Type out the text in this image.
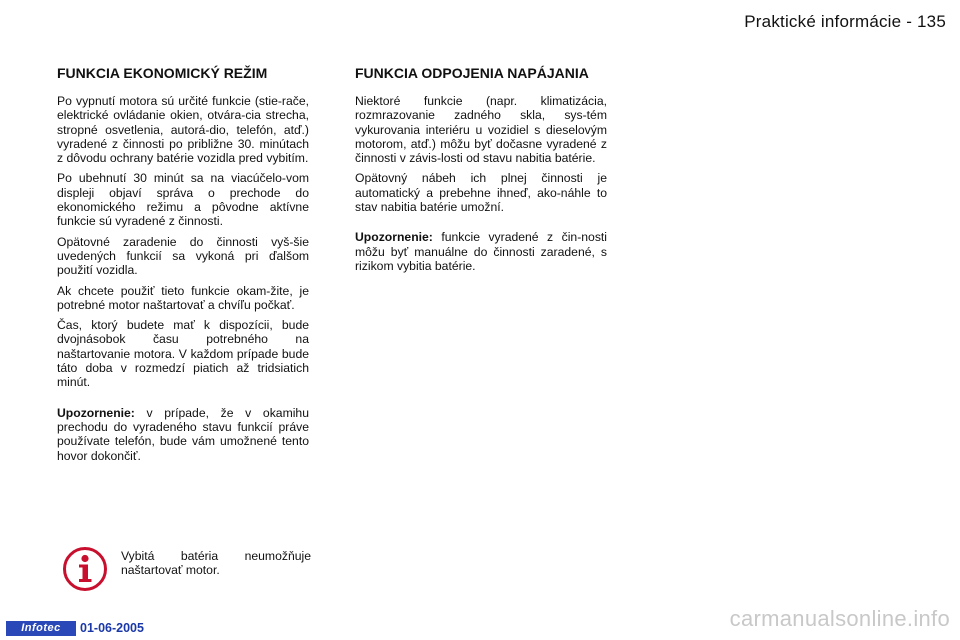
Praktické informácie - 135
FUNKCIA EKONOMICKÝ REŽIM

Po vypnutí motora sú určité funkcie (stie-rače, elektrické ovládanie okien, otvára-cia strecha, stropné osvetlenia, autorá-dio, telefón, atď.) vyradené z činnosti po približne 30. minútach z dôvodu ochrany batérie vozidla pred vybitím.

Po ubehnutí 30 minút sa na viacúčelo-vom displeji objaví správa o prechode do ekonomického režimu a pôvodne aktívne funkcie sú vyradené z činnosti.

Opätovné zaradenie do činnosti vyš-šie uvedených funkcií sa vykoná pri ďalšom použití vozidla.

Ak chcete použiť tieto funkcie okam-žite, je potrebné motor naštartovať a chvíľu počkať.

Čas, ktorý budete mať k dispozícii, bude dvojnásobok času potrebného na naštartovanie motora. V každom prípade bude táto doba v rozmedzí piatich až tridsiatich minút.

Upozornenie: v prípade, že v okamihu prechodu do vyradeného stavu funkcií práve používate telefón, bude vám umožnené tento hovor dokončiť.

FUNKCIA ODPOJENIA NAPÁJANIA

Niektoré funkcie (napr. klimatizácia, rozmrazovanie zadného skla, sys-tém vykurovania interiéru u vozidiel s dieselovým motorom, atď.) môžu byť dočasne vyradené z činnosti v závis-losti od stavu nabitia batérie.

Opätovný nábeh ich plnej činnosti je automatický a prebehne ihneď, ako-náhle to stav nabitia batérie umožní.

Upozornenie: funkcie vyradené z čin-nosti môžu byť manuálne do činnosti zaradené, s rizikom vybitia batérie.

Vybitá batéria neumožňuje naštartovať motor.
Infotec	01-06-2005	carmanualsonline.info
